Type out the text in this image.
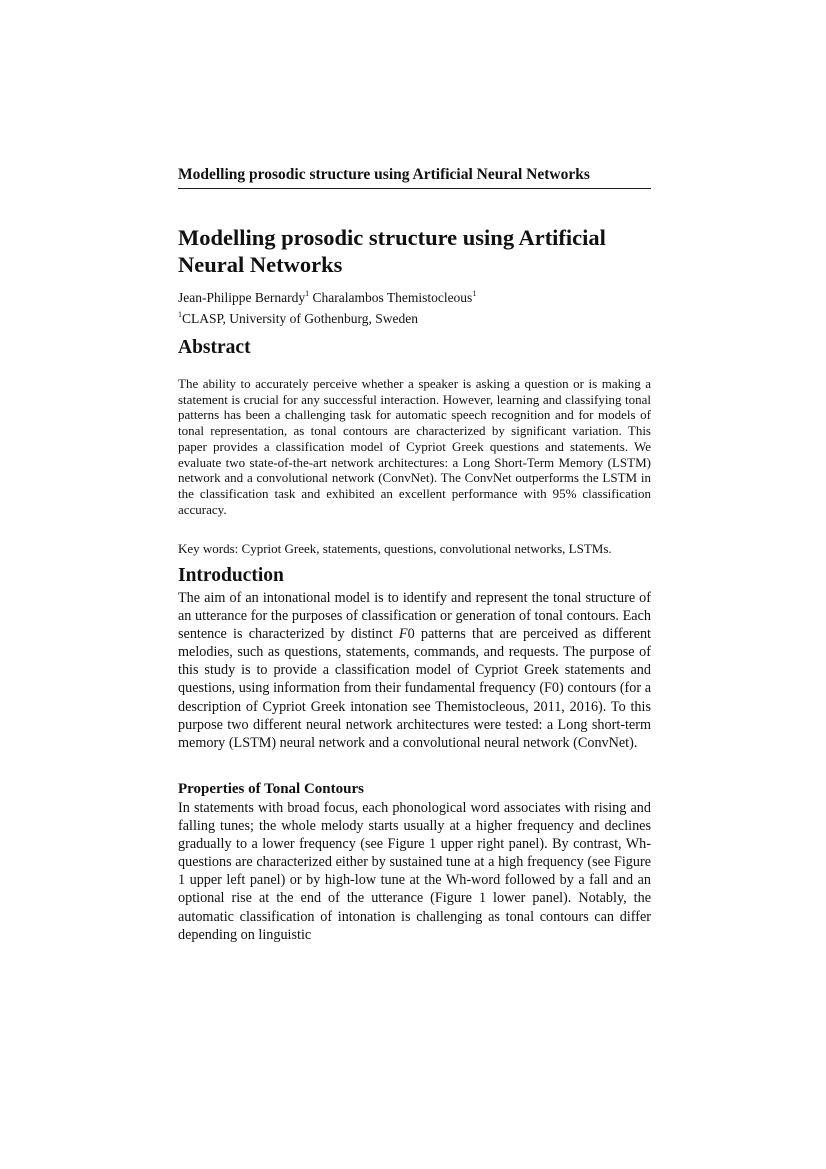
Modelling prosodic structure using Artificial Neural Networks
Modelling prosodic structure using Artificial Neural Networks
Jean-Philippe Bernardy$^1$ Charalambos Themistocleous$^1$
$^1$CLASP, University of Gothenburg, Sweden
Abstract
The ability to accurately perceive whether a speaker is asking a question or is making a statement is crucial for any successful interaction. However, learning and classifying tonal patterns has been a challenging task for automatic speech recognition and for models of tonal representation, as tonal contours are characterized by significant variation. This paper provides a classification model of Cypriot Greek questions and statements. We evaluate two state-of-the-art network architectures: a Long Short-Term Memory (LSTM) network and a convolutional network (ConvNet). The ConvNet outperforms the LSTM in the classification task and exhibited an excellent performance with 95% classification accuracy.
Key words: Cypriot Greek, statements, questions, convolutional networks, LSTMs.
Introduction
The aim of an intonational model is to identify and represent the tonal structure of an utterance for the purposes of classification or generation of tonal contours. Each sentence is characterized by distinct F0 patterns that are perceived as different melodies, such as questions, statements, commands, and requests. The purpose of this study is to provide a classification model of Cypriot Greek statements and questions, using information from their fundamental frequency (F0) contours (for a description of Cypriot Greek intonation see Themistocleous, 2011, 2016). To this purpose two different neural network architectures were tested: a Long short-term memory (LSTM) neural network and a convolutional neural network (ConvNet).
Properties of Tonal Contours
In statements with broad focus, each phonological word associates with rising and falling tunes; the whole melody starts usually at a higher frequency and declines gradually to a lower frequency (see Figure 1 upper right panel). By contrast, Wh-questions are characterized either by sustained tune at a high frequency (see Figure 1 upper left panel) or by high-low tune at the Wh-word followed by a fall and an optional rise at the end of the utterance (Figure 1 lower panel). Notably, the automatic classification of intonation is challenging as tonal contours can differ depending on linguistic
